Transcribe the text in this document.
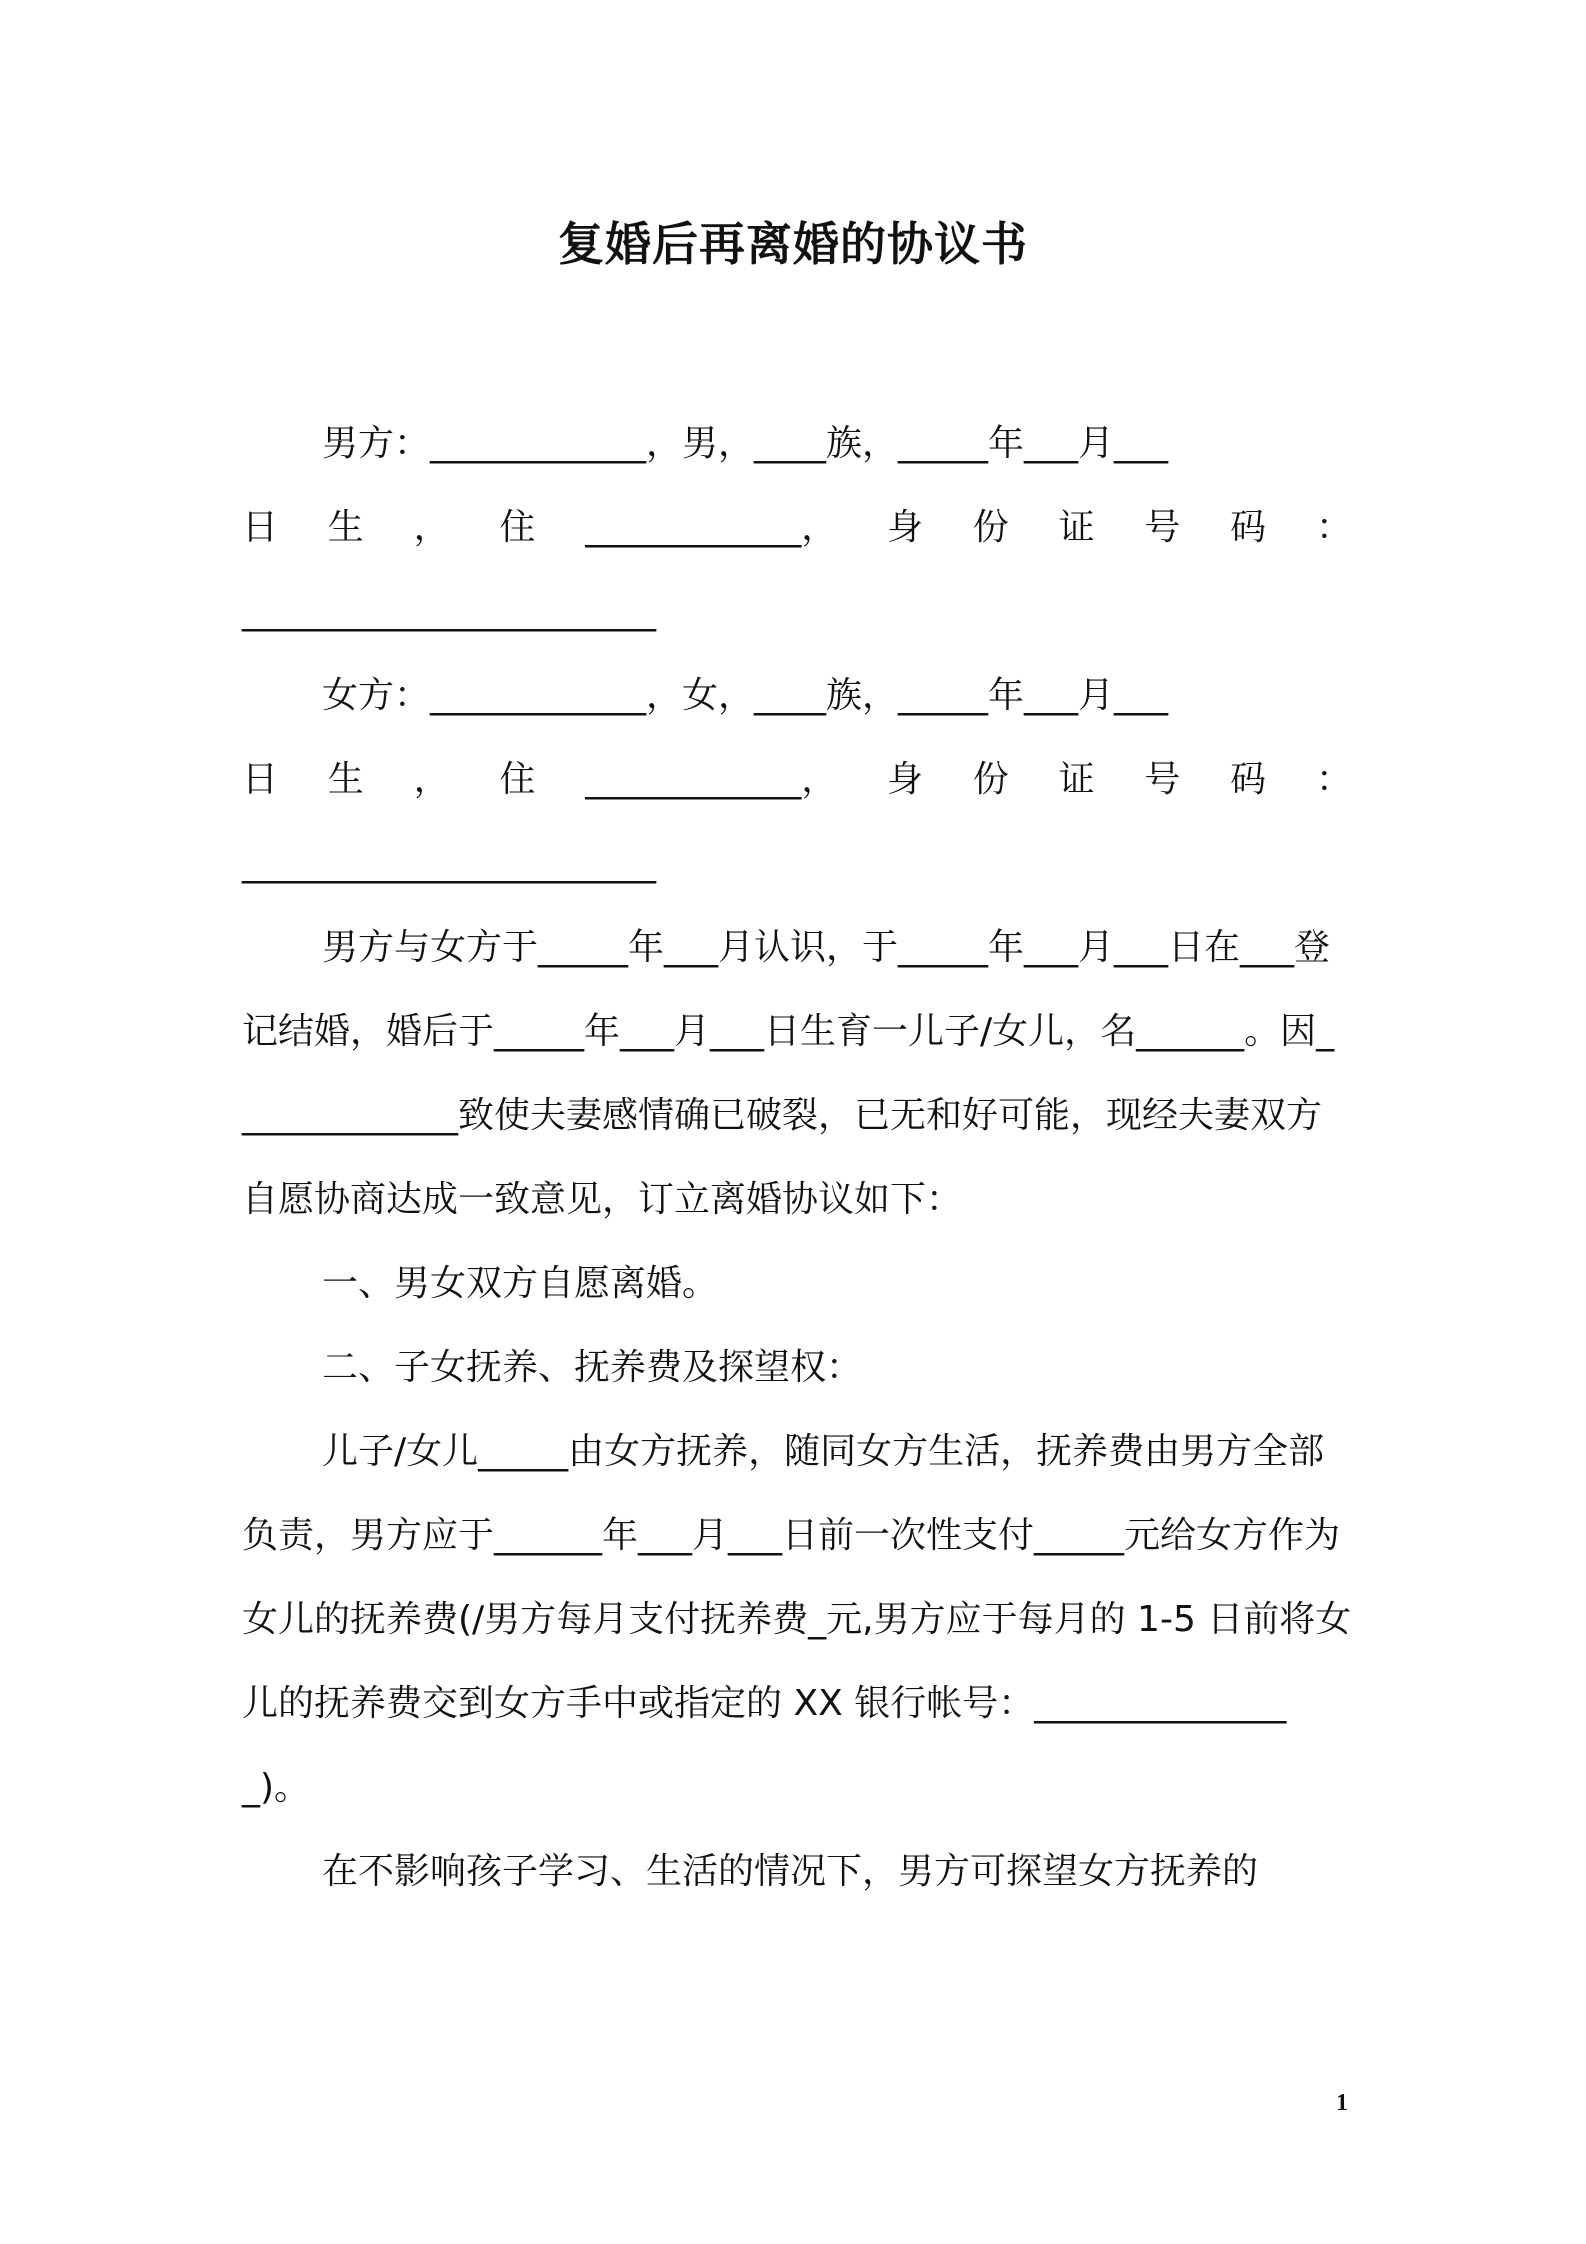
复婚后再离婚的协议书
男方：____________，男，____族，_____年___月___
日 生 ， 住 ____________， 身 份 证 号 码 ：
_______________________
女方：____________，女，____族，_____年___月___
日 生 ， 住 ____________， 身 份 证 号 码 ：
_______________________
男方与女方于_____年___月认识，于_____年___月___日在___登记结婚，婚后于_____年___月___日生育一儿子/女儿，名______。因_____________致使夫妻感情确已破裂，已无和好可能，现经夫妻双方自愿协商达成一致意见，订立离婚协议如下：
一、男女双方自愿离婚。
二、子女抚养、抚养费及探望权：
儿子/女儿_____由女方抚养，随同女方生活，抚养费由男方全部负责，男方应于______年___月___日前一次性支付_____元给女方作为女儿的抚养费(/男方每月支付抚养费_元,男方应于每月的 1-5 日前将女儿的抚养费交到女方手中或指定的 XX 银行帐号：_______________)。
在不影响孩子学习、生活的情况下，男方可探望女方抚养的
1
